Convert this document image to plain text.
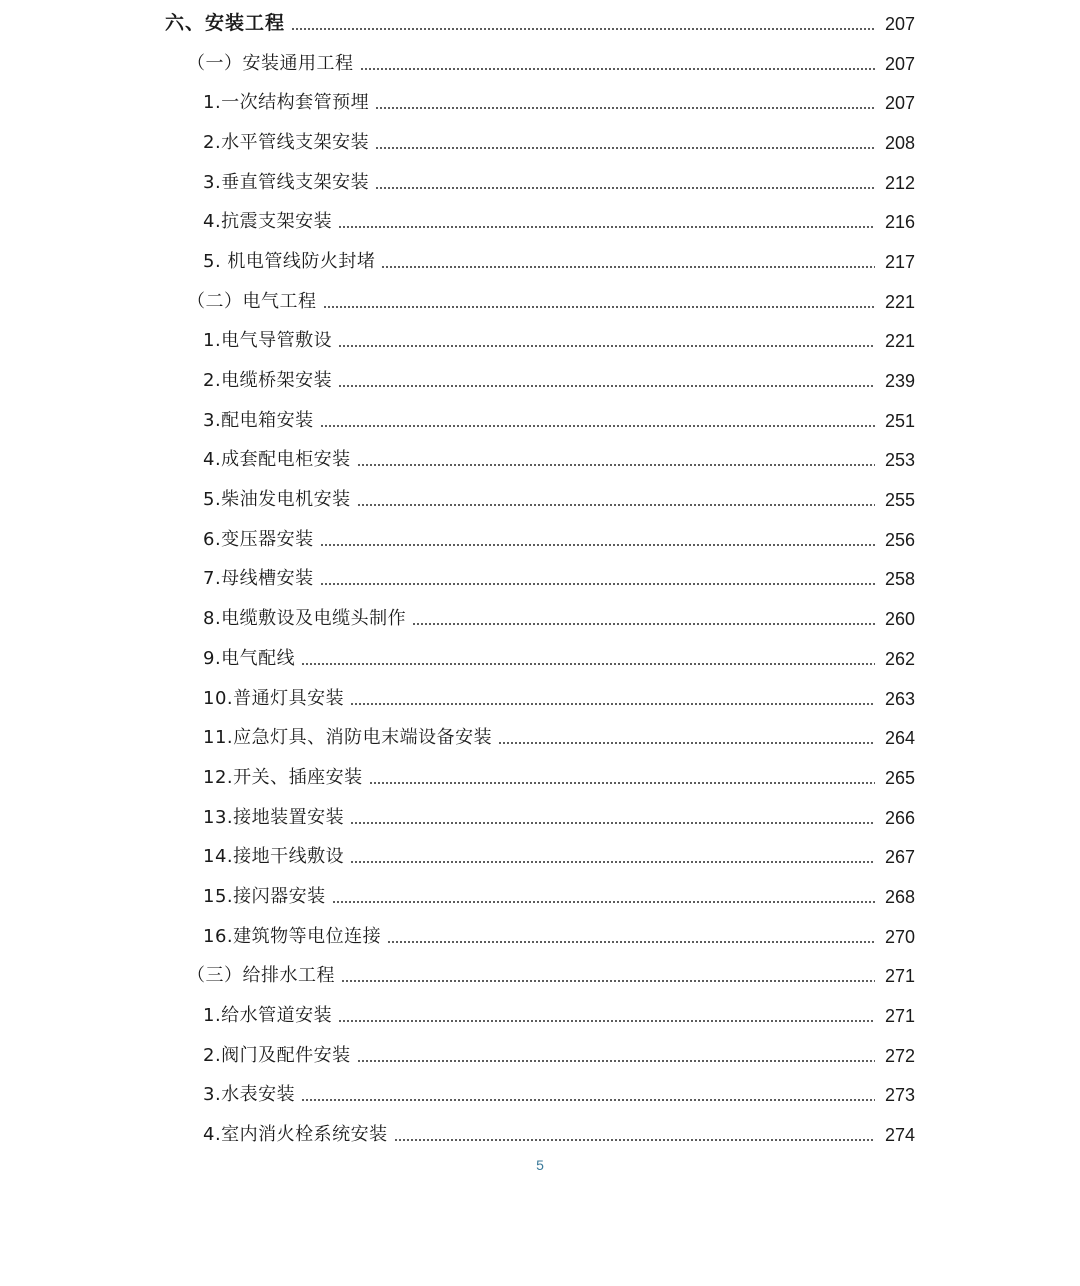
六、安装工程	207
（一）安装通用工程	207
1.一次结构套管预埋	207
2.水平管线支架安装	208
3.垂直管线支架安装	212
4.抗震支架安装	216
5. 机电管线防火封堵	217
（二）电气工程	221
1.电气导管敷设	221
2.电缆桥架安装	239
3.配电箱安装	251
4.成套配电柜安装	253
5.柴油发电机安装	255
6.变压器安装	256
7.母线槽安装	258
8.电缆敷设及电缆头制作	260
9.电气配线	262
10.普通灯具安装	263
11.应急灯具、消防电末端设备安装	264
12.开关、插座安装	265
13.接地装置安装	266
14.接地干线敷设	267
15.接闪器安装	268
16.建筑物等电位连接	270
（三）给排水工程	271
1.给水管道安装	271
2.阀门及配件安装	272
3.水表安装	273
4.室内消火栓系统安装	274
5
